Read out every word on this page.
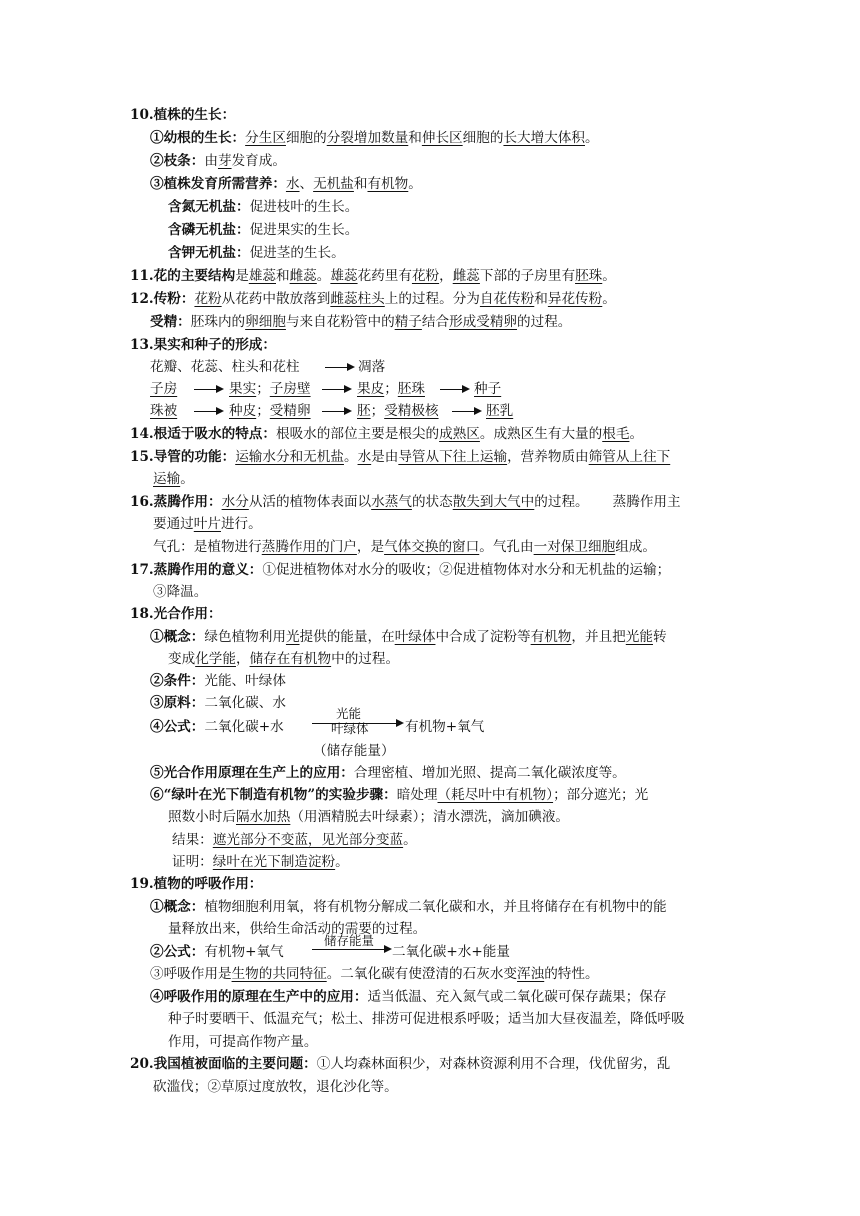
10.植株的生长：
①幼根的生长：分生区细胞的分裂增加数量和伸长区细胞的长大增大体积。
②枝条：由芽发育成。
③植株发育所需营养：水、无机盐和有机物。
含氮无机盐：促进枝叶的生长。
含磷无机盐：促进果实的生长。
含钾无机盐：促进茎的生长。
11.花的主要结构是雄蕊和雌蕊。雄蕊花药里有花粉，雌蕊下部的子房里有胚珠。
12.传粉：花粉从花药中散放落到雌蕊柱头上的过程。分为自花传粉和异花传粉。
受精：胚珠内的卵细胞与来自花粉管中的精子结合形成受精卵的过程。
13.果实和种子的形成：
花瓣、花蕊、柱头和花柱	凋落
子房	果实；子房壁	果皮；胚珠	种子
珠被	种皮；受精卵	胚；受精极核	胚乳
14.根适于吸水的特点：根吸水的部位主要是根尖的成熟区。成熟区生有大量的根毛。
15.导管的功能：运输水分和无机盐。水是由导管从下往上运输，营养物质由筛管从上往下
运输。
16.蒸腾作用：水分从活的植物体表面以水蒸气的状态散失到大气中的过程。 蒸腾作用主
要通过叶片进行。
气孔：是植物进行蒸腾作用的门户，是气体交换的窗口。气孔由一对保卫细胞组成。
17.蒸腾作用的意义：①促进植物体对水分的吸收；②促进植物体对水分和无机盐的运输；
③降温。
18.光合作用：
①概念：绿色植物利用光提供的能量，在叶绿体中合成了淀粉等有机物，并且把光能转
变成化学能，储存在有机物中的过程。
②条件：光能、叶绿体
③原料：二氧化碳、水
④公式：二氧化碳+水
光能
叶绿体	有机物+氧气
（储存能量）
⑤光合作用原理在生产上的应用：合理密植、增加光照、提高二氧化碳浓度等。
⑥“绿叶在光下制造有机物”的实验步骤：暗处理（耗尽叶中有机物）；部分遮光；光
照数小时后隔水加热（用酒精脱去叶绿素）；清水漂洗，滴加碘液。
结果：遮光部分不变蓝，见光部分变蓝。
证明：绿叶在光下制造淀粉。
19.植物的呼吸作用：
①概念：植物细胞利用氧，将有机物分解成二氧化碳和水，并且将储存在有机物中的能
量释放出来，供给生命活动的需要的过程。
②公式：有机物+氧气
储存能量
二氧化碳+水+能量
③呼吸作用是生物的共同特征。二氧化碳有使澄清的石灰水变浑浊的特性。
④呼吸作用的原理在生产中的应用：适当低温、充入氮气或二氧化碳可保存蔬果；保存
种子时要晒干、低温充气；松土、排涝可促进根系呼吸；适当加大昼夜温差，降低呼吸
作用，可提高作物产量。
20.我国植被面临的主要问题：①人均森林面积少，对森林资源利用不合理，伐优留劣，乱
砍滥伐；②草原过度放牧，退化沙化等。
